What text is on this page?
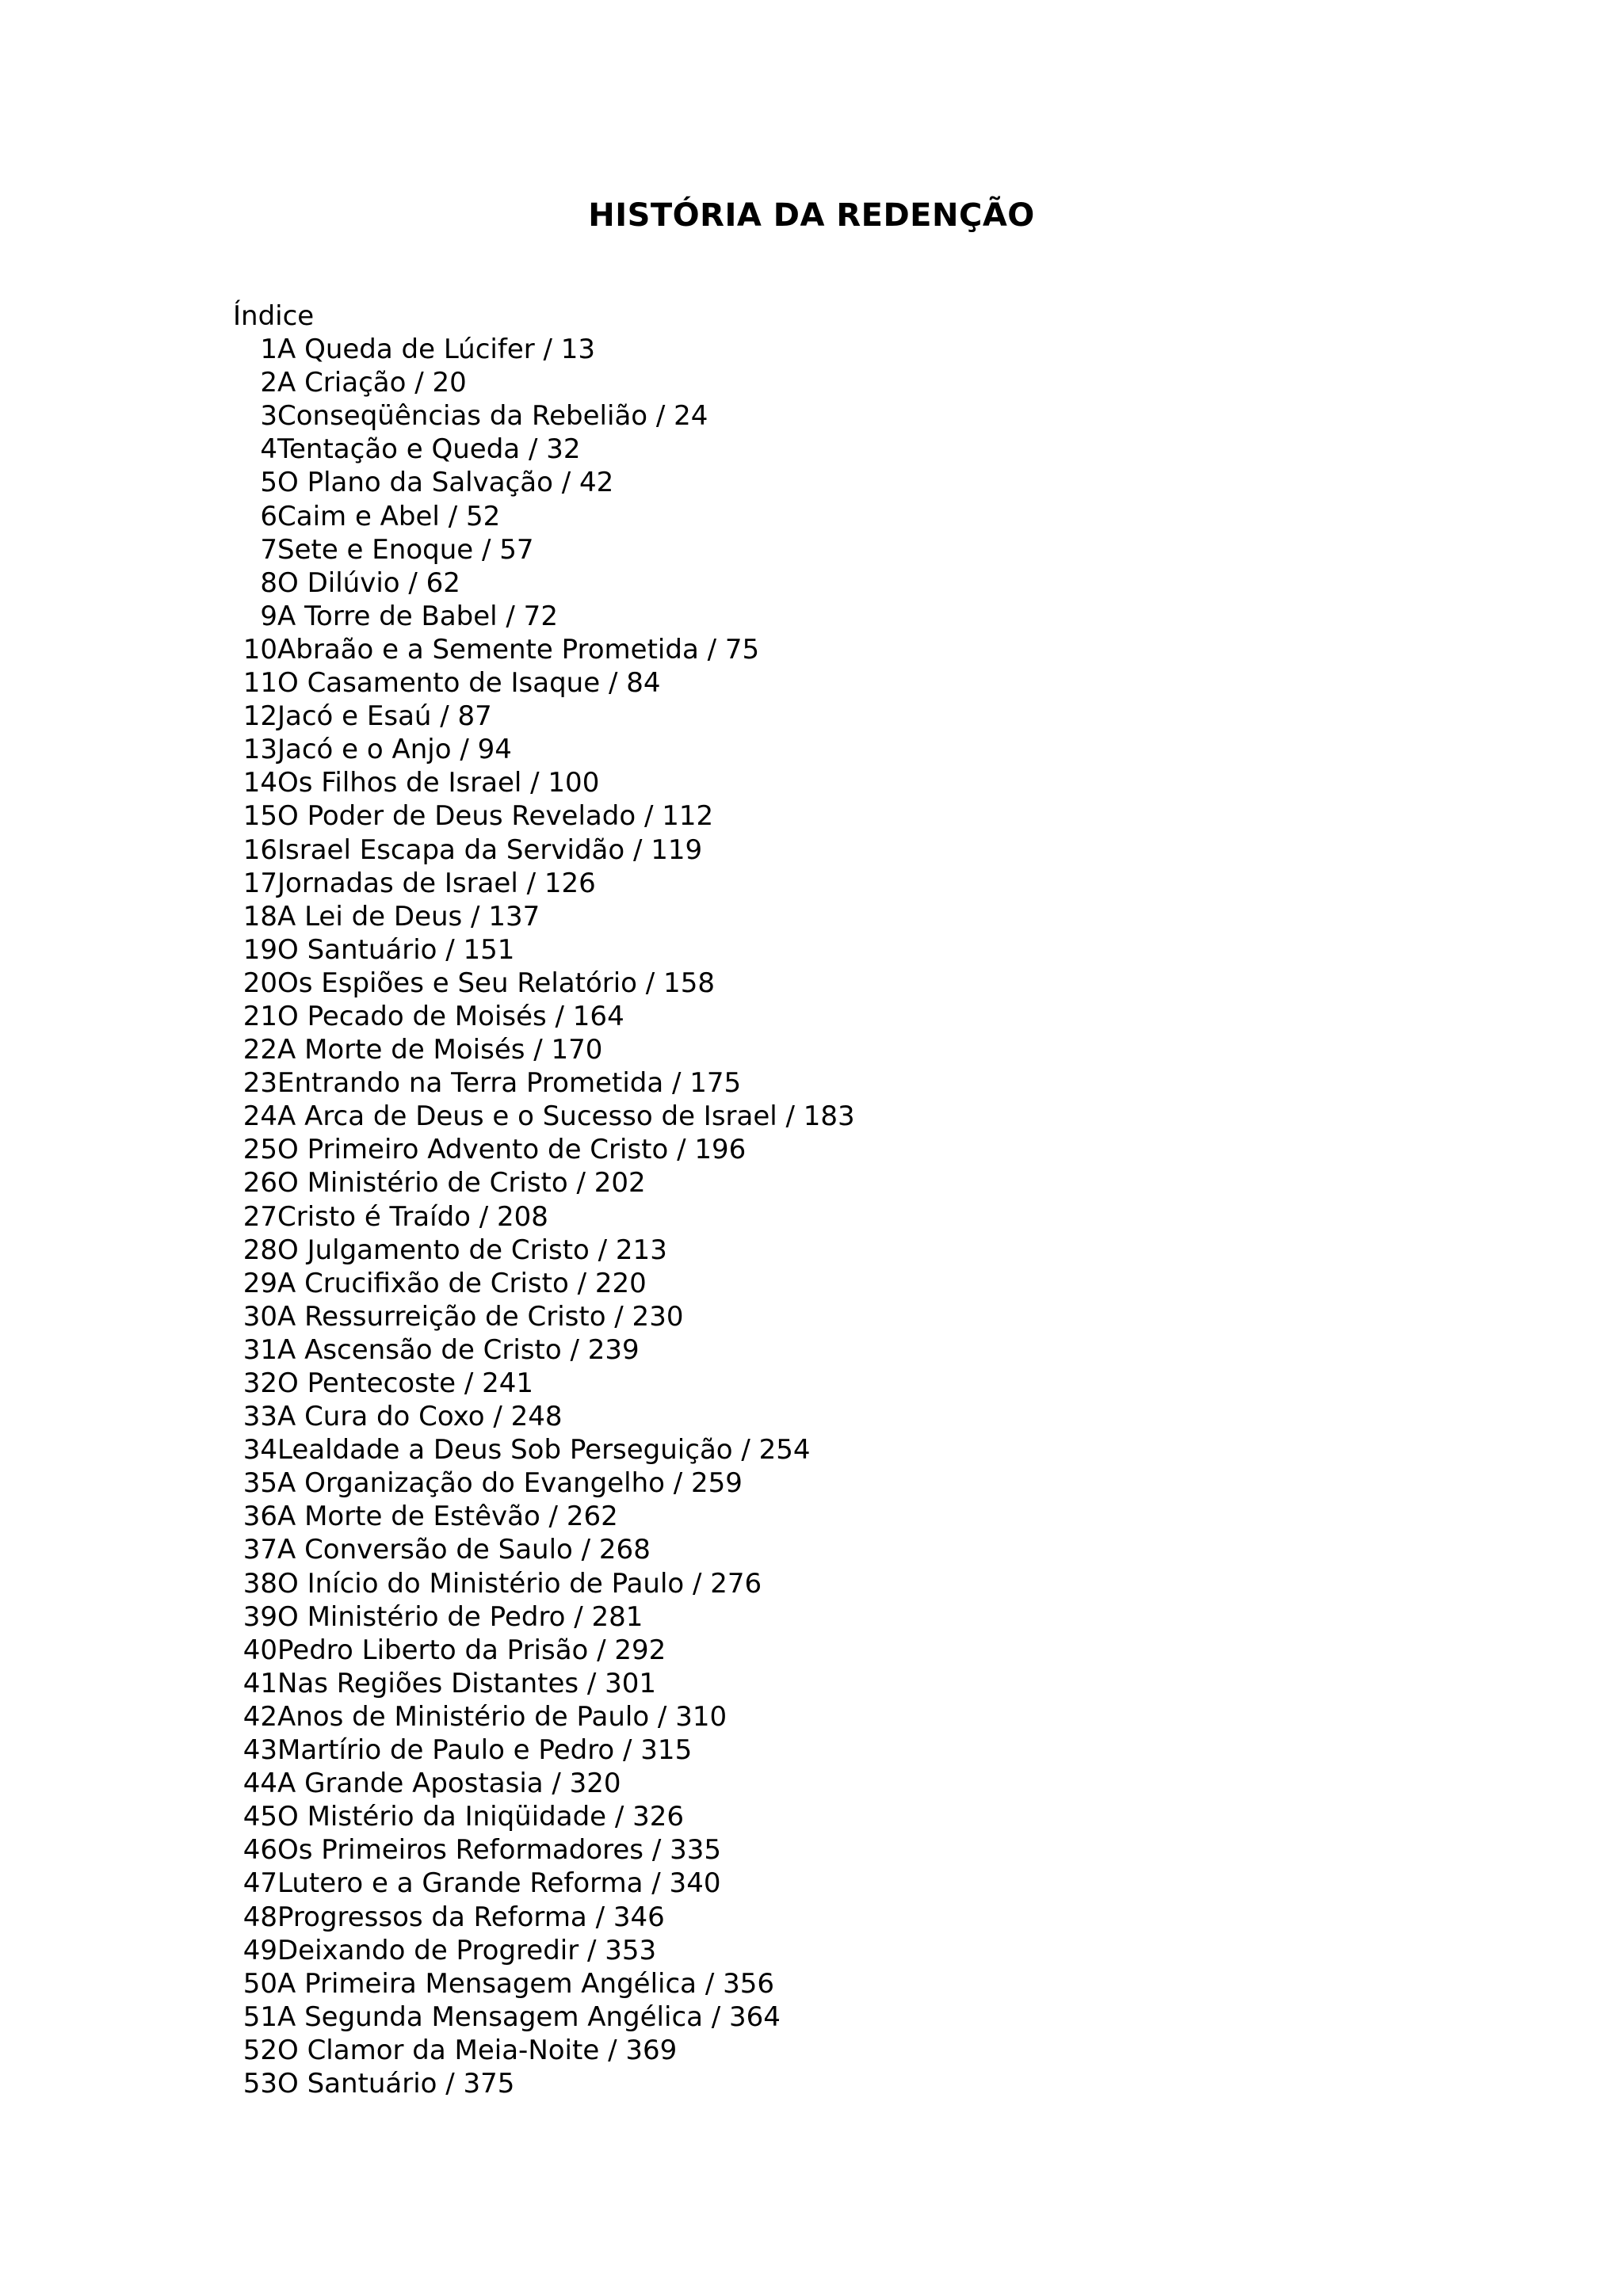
HISTÓRIA DA REDENÇÃO

Índice

1 A Queda de Lúcifer / 13
2 A Criação / 20
3 Conseqüências da Rebelião / 24
4 Tentação e Queda / 32
5 O Plano da Salvação / 42
6 Caim e Abel / 52
7 Sete e Enoque / 57
8 O Dilúvio / 62
9 A Torre de Babel / 72
10 Abraão e a Semente Prometida / 75
11 O Casamento de Isaque / 84
12 Jacó e Esaú / 87
13 Jacó e o Anjo / 94
14 Os Filhos de Israel / 100
15 O Poder de Deus Revelado / 112
16 Israel Escapa da Servidão / 119
17 Jornadas de Israel / 126
18 A Lei de Deus / 137
19 O Santuário / 151
20 Os Espiões e Seu Relatório / 158
21 O Pecado de Moisés / 164
22 A Morte de Moisés / 170
23 Entrando na Terra Prometida / 175
24 A Arca de Deus e o Sucesso de Israel / 183
25 O Primeiro Advento de Cristo / 196
26 O Ministério de Cristo / 202
27 Cristo é Traído / 208
28 O Julgamento de Cristo / 213
29 A Crucifixão de Cristo / 220
30 A Ressurreição de Cristo / 230
31 A Ascensão de Cristo / 239
32 O Pentecoste / 241
33 A Cura do Coxo / 248
34 Lealdade a Deus Sob Perseguição / 254
35 A Organização do Evangelho / 259
36 A Morte de Estêvão / 262
37 A Conversão de Saulo / 268
38 O Início do Ministério de Paulo / 276
39 O Ministério de Pedro / 281
40 Pedro Liberto da Prisão / 292
41 Nas Regiões Distantes / 301
42 Anos de Ministério de Paulo / 310
43 Martírio de Paulo e Pedro / 315
44 A Grande Apostasia / 320
45 O Mistério da Iniqüidade / 326
46 Os Primeiros Reformadores / 335
47 Lutero e a Grande Reforma / 340
48 Progressos da Reforma / 346
49 Deixando de Progredir / 353
50 A Primeira Mensagem Angélica / 356
51 A Segunda Mensagem Angélica / 364
52 O Clamor da Meia-Noite / 369
53 O Santuário / 375
